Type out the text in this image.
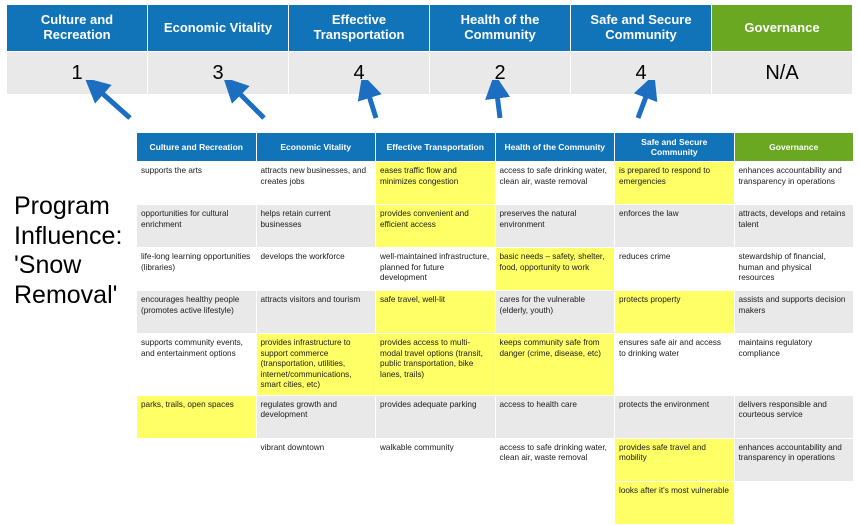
Culture and Recreation	Economic Vitality	Effective Transportation	Health of the Community	Safe and Secure Community	Governance
1	3	4	2	4	N/A
Program Influence: 'Snow Removal'
Culture and Recreation	Economic Vitality	Effective Transportation	Health of the Community	Safe and Secure Community	Governance
supports the arts	attracts new businesses, and creates jobs	eases traffic flow and minimizes congestion	access to safe drinking water, clean air, waste removal	is prepared to respond to emergencies	enhances accountability and transparency in operations
opportunities for cultural enrichment	helps retain current businesses	provides convenient and efficient access	preserves the natural environment	enforces the law	attracts, develops and retains talent
life-long learning opportunities (libraries)	develops the workforce	well-maintained infrastructure, planned for future development	basic needs – safety, shelter, food, opportunity to work	reduces crime	stewardship of financial, human and physical resources
encourages healthy people (promotes active lifestyle)	attracts visitors and tourism	safe travel, well-lit	cares for the vulnerable (elderly, youth)	protects property	assists and supports decision makers
supports community events, and entertainment options	provides infrastructure to support commerce (transportation, utilities, internet/communications, smart cities, etc)	provides access to multi-modal travel options (transit, public transportation, bike lanes, trails)	keeps community safe from danger (crime, disease, etc)	ensures safe air and access to drinking water	maintains regulatory compliance
parks, trails, open spaces	regulates growth and development	provides adequate parking	access to health care	protects the environment	delivers responsible and courteous service
	vibrant downtown	walkable community	access to safe drinking water, clean air, waste removal	provides safe travel and mobility	enhances accountability and transparency in operations
				looks after it's most vulnerable	
